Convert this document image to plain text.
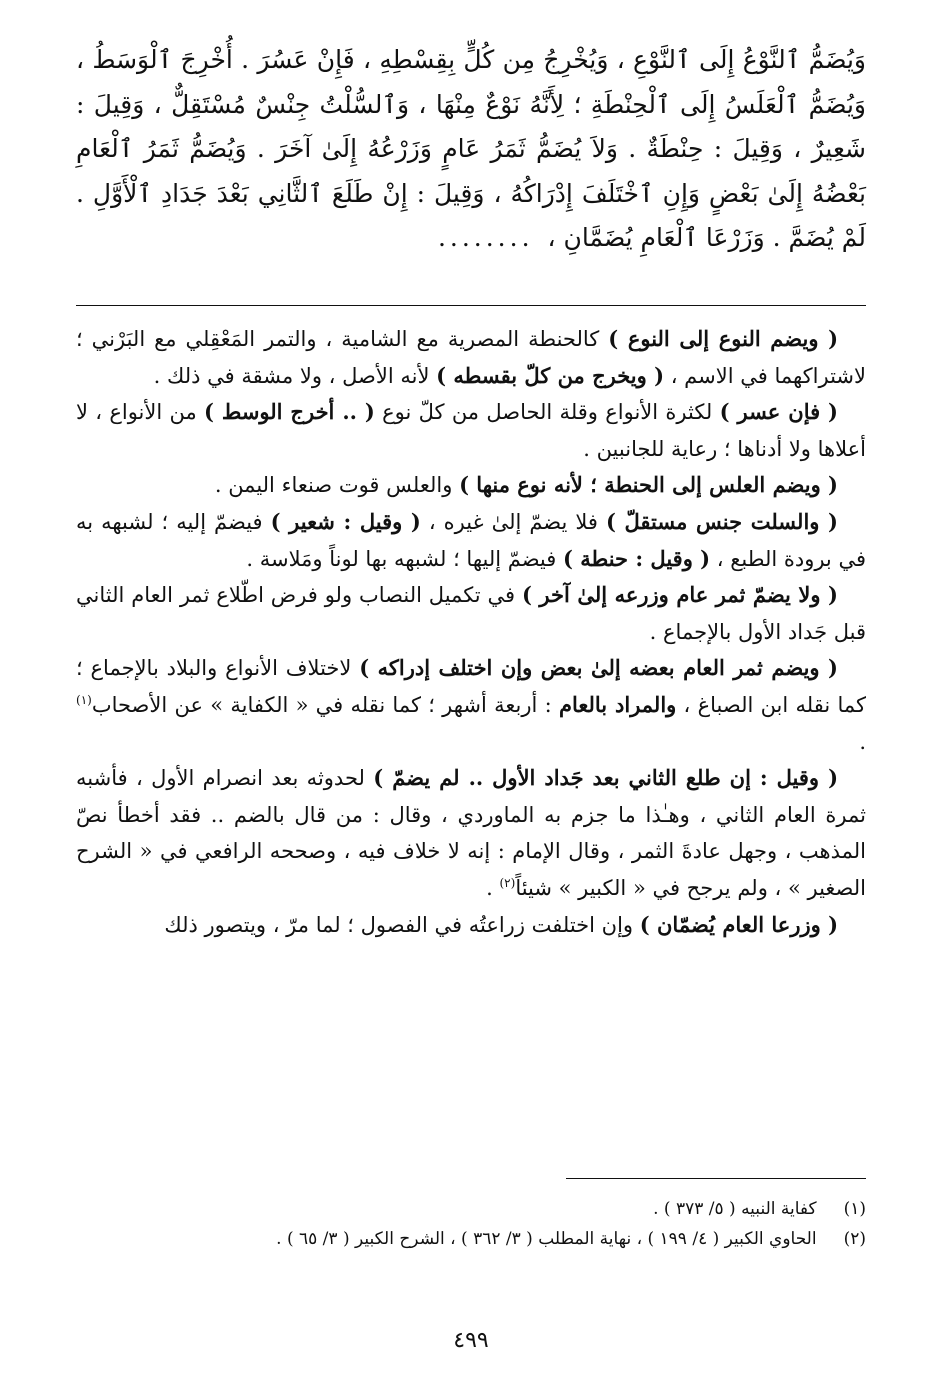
وَيُضَمُّ ٱلنَّوْعُ إِلَى ٱلنَّوْعِ ، وَيُخْرِجُ مِن كُلٍّ بِقِسْطِهِ ، فَإِنْ عَسُرَ . أُخْرِجَ ٱلْوَسَطُ ، وَيُضَمُّ ٱلْعَلَسُ إِلَى ٱلْحِنْطَةِ ؛ لِأَنَّهُ نَوْعٌ مِنْهَا ، وَٱلسُّلْتُ جِنْسٌ مُسْتَقِلٌّ ، وَقِيلَ : شَعِيرٌ ، وَقِيلَ : حِنْطَةٌ . وَلاَ يُضَمُّ ثَمَرُ عَامٍ وَزَرْعُهُ إِلَىٰ آخَرَ . وَيُضَمُّ ثَمَرُ ٱلْعَامِ بَعْضُهُ إِلَىٰ بَعْضٍ وَإِنِ ٱخْتَلَفَ إِدْرَاكُهُ ، وَقِيلَ : إِنْ طَلَعَ ٱلثَّانِي بَعْدَ جَدَادِ ٱلْأَوَّلِ . لَمْ يُضَمَّ . وَزَرْعَا ٱلْعَامِ يُضَمَّانِ ،........

( ويضم النوع إلى النوع ) كالحنطة المصرية مع الشامية ، والتمر المَعْقِلي مع البَرْني ؛ لاشتراكهما في الاسم ، ( ويخرج من كلّ بقسطه ) لأنه الأصل ، ولا مشقة في ذلك .

( فإن عسر ) لكثرة الأنواع وقلة الحاصل من كلّ نوع ( .. أخرج الوسط ) من الأنواع ، لا أعلاها ولا أدناها ؛ رعاية للجانبين .

( ويضم العلس إلى الحنطة ؛ لأنه نوع منها ) والعلس قوت صنعاء اليمن .

( والسلت جنس مستقلّ ) فلا يضمّ إلىٰ غيره ، ( وقيل : شعير ) فيضمّ إليه ؛ لشبهه به في برودة الطبع ، ( وقيل : حنطة ) فيضمّ إليها ؛ لشبهه بها لوناً ومَلاسة .

( ولا يضمّ ثمر عام وزرعه إلىٰ آخر ) في تكميل النصاب ولو فرض اطّلاع ثمر العام الثاني قبل جَداد الأول بالإجماع .

( ويضم ثمر العام بعضه إلىٰ بعض وإن اختلف إدراكه ) لاختلاف الأنواع والبلاد بالإجماع ؛ كما نقله ابن الصباغ ، والمراد بالعام : أربعة أشهر ؛ كما نقله في « الكفاية » عن الأصحاب$^{(١)}$ .

( وقيل : إن طلع الثاني بعد جَداد الأول .. لم يضمّ ) لحدوثه بعد انصرام الأول ، فأشبه ثمرة العام الثاني ، وهـٰذا ما جزم به الماوردي ، وقال : من قال بالضم .. فقد أخطأ نصّ المذهب ، وجهل عادةَ الثمر ، وقال الإمام : إنه لا خلاف فيه ، وصححه الرافعي في « الشرح الصغير » ، ولم يرجح في « الكبير » شيئاً$^{(٢)}$ .

( وزرعا العام يُضمّان ) وإن اختلفت زراعتُه في الفصول ؛ لما مرّ ، ويتصور ذلك

(١) كفاية النبيه ( ٥/ ٣٧٣ ) .
(٢) الحاوي الكبير ( ٤/ ١٩٩ ) ، نهاية المطلب ( ٣/ ٣٦٢ ) ، الشرح الكبير ( ٣/ ٦٥ ) .
٤٩٩
